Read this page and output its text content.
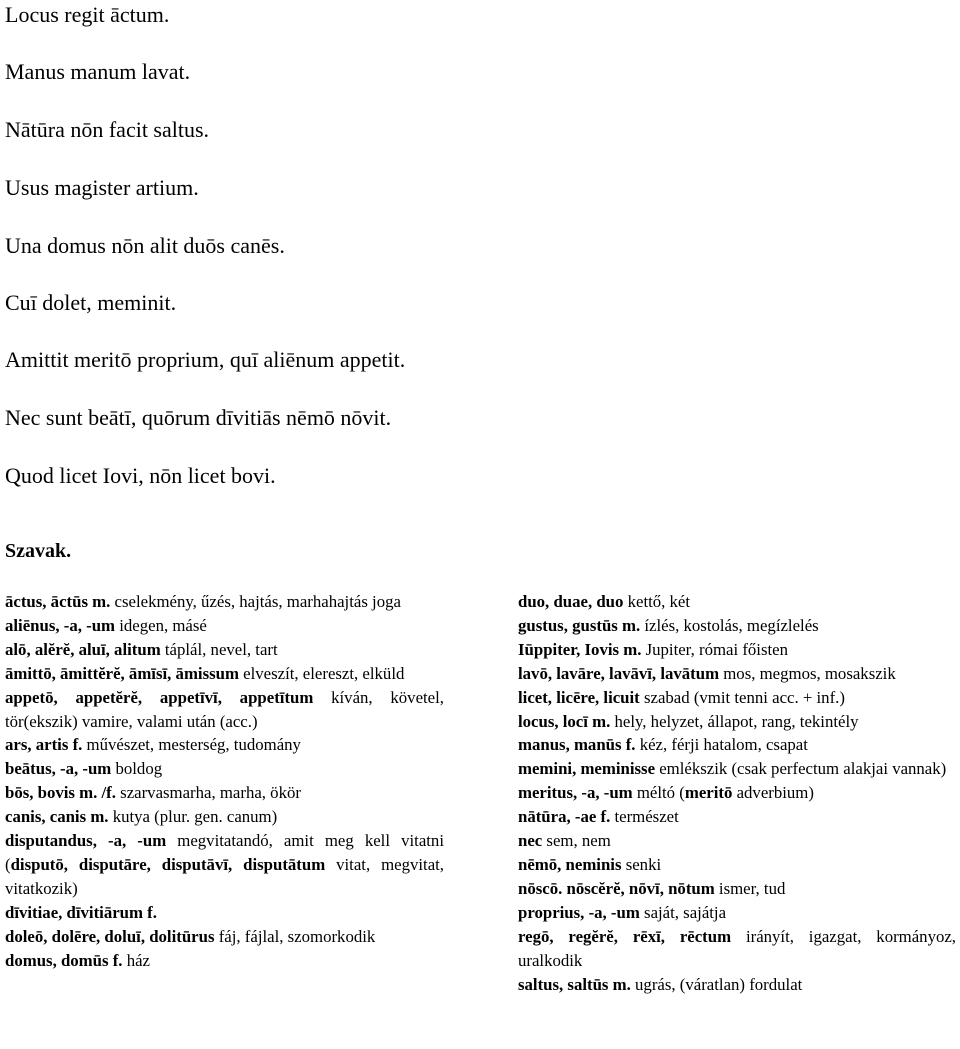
Locus regit āctum.
Manus manum lavat.
Nātūra nōn facit saltus.
Usus magister artium.
Una domus nōn alit duōs canēs.
Cuī dolet, meminit.
Amittit meritō proprium, quī aliēnum appetit.
Nec sunt beātī, quōrum dīvitiās nēmō nōvit.
Quod licet Iovi, nōn licet bovi.
Szavak.
āctus, āctūs m. cselekmény, űzés, hajtás, marhahajtás joga
aliēnus, -a, -um idegen, másé
alō, alĕrĕ, aluī, alitum táplál, nevel, tart
āmittō, āmittĕrĕ, āmīsī, āmissum elveszít, elereszt, elküld
appetō, appetĕrĕ, appetīvī, appetītum kíván, követel, tör(ekszik) vamire, valami után (acc.)
ars, artis f. művészet, mesterség, tudomány
beātus, -a, -um boldog
bōs, bovis m. /f. szarvasmarha, marha, ökör
canis, canis m. kutya (plur. gen. canum)
disputandus, -a, -um megvitatandó, amit meg kell vitatni (disputō, disputāre, disputāvī, disputātum vitat, megvitat, vitatkozik)
dīvitiae, dīvitiārum f.
doleō, dolēre, doluī, dolitūrus fáj, fájlal, szomorkodik
domus, domūs f. ház
duo, duae, duo kettő, két
gustus, gustūs m. ízlés, kostolás, megízlelés
Iūppiter, Iovis m. Jupiter, római főisten
lavō, lavāre, lavāvī, lavātum mos, megmos, mosakszik
licet, licēre, licuit szabad (vmit tenni acc. + inf.)
locus, locī m. hely, helyzet, állapot, rang, tekintély
manus, manūs f. kéz, férji hatalom, csapat
memini, meminisse emlékszik (csak perfectum alakjai vannak)
meritus, -a, -um méltó (meritō adverbium)
nātūra, -ae f. természet
nec sem, nem
nēmō, neminis senki
nōscō. nōscĕrĕ, nōvī, nōtum ismer, tud
proprius, -a, -um saját, sajátja
regō, regĕrĕ, rēxī, rēctum irányít, igazgat, kormányoz, uralkodik
saltus, saltūs m. ugrás, (váratlan) fordulat
